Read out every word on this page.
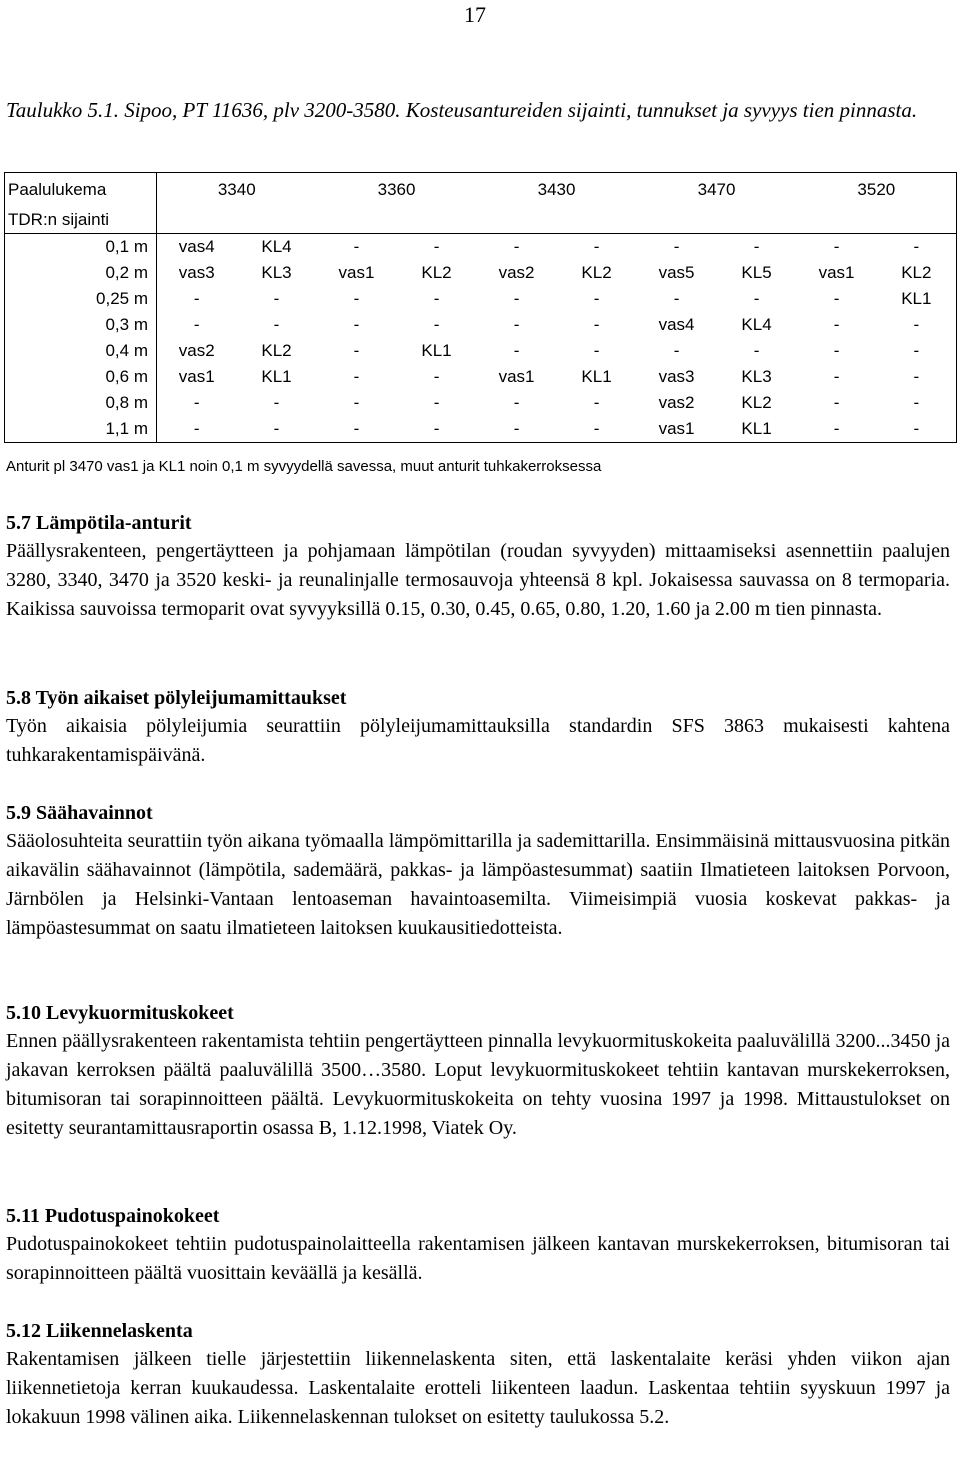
17
Taulukko 5.1. Sipoo, PT 11636, plv 3200-3580. Kosteusantureiden sijainti, tunnukset ja syvyys tien pinnasta.
Paalulukema	3340		3360		3430		3470		3520	
TDR:n sijainti										
0,1 m	vas4	KL4	-	-	-	-	-	-	-	-
0,2 m	vas3	KL3	vas1	KL2	vas2	KL2	vas5	KL5	vas1	KL2
0,25 m	-	-	-	-	-	-	-	-	-	KL1
0,3 m	-	-	-	-	-	-	vas4	KL4	-	-
0,4 m	vas2	KL2	-	KL1	-	-	-	-	-	-
0,6 m	vas1	KL1	-	-	vas1	KL1	vas3	KL3	-	-
0,8 m	-	-	-	-	-	-	vas2	KL2	-	-
1,1 m	-	-	-	-	-	-	vas1	KL1	-	-
Anturit pl 3470 vas1 ja KL1 noin 0,1 m syvyydellä savessa, muut anturit tuhkakerroksessa
5.7 Lämpötila-anturit

Päällysrakenteen, pengertäytteen ja pohjamaan lämpötilan (roudan syvyyden) mittaamiseksi asennettiin paalujen 3280, 3340, 3470 ja 3520 keski- ja reunalinjalle termosauvoja yhteensä 8 kpl. Jokaisessa sauvassa on 8 termoparia. Kaikissa sauvoissa termoparit ovat syvyyksillä 0.15, 0.30, 0.45, 0.65, 0.80, 1.20, 1.60 ja 2.00 m tien pinnasta.

5.8 Työn aikaiset pölyleijumamittaukset

Työn aikaisia pölyleijumia seurattiin pölyleijumamittauksilla standardin SFS 3863 mukaisesti kahtena tuhkarakentamispäivänä.

5.9 Säähavainnot

Sääolosuhteita seurattiin työn aikana työmaalla lämpömittarilla ja sademittarilla. Ensimmäisinä mittausvuosina pitkän aikavälin säähavainnot (lämpötila, sademäärä, pakkas- ja lämpöastesummat) saatiin Ilmatieteen laitoksen Porvoon, Järnbölen ja Helsinki-Vantaan lentoaseman havaintoasemilta. Viimeisimpiä vuosia koskevat pakkas- ja lämpöastesummat on saatu ilmatieteen laitoksen kuukausitiedotteista.

5.10 Levykuormituskokeet

Ennen päällysrakenteen rakentamista tehtiin pengertäytteen pinnalla levykuormituskokeita paaluvälillä 3200...3450 ja jakavan kerroksen päältä paaluvälillä 3500…3580. Loput levykuormituskokeet tehtiin kantavan murskekerroksen, bitumisoran tai sorapinnoitteen päältä. Levykuormituskokeita on tehty vuosina 1997 ja 1998. Mittaustulokset on esitetty seurantamittausraportin osassa B, 1.12.1998, Viatek Oy.

5.11 Pudotuspainokokeet

Pudotuspainokokeet tehtiin pudotuspainolaitteella rakentamisen jälkeen kantavan murskekerroksen, bitumisoran tai sorapinnoitteen päältä vuosittain keväällä ja kesällä.

5.12 Liikennelaskenta

Rakentamisen jälkeen tielle järjestettiin liikennelaskenta siten, että laskentalaite keräsi yhden viikon ajan liikennetietoja kerran kuukaudessa. Laskentalaite erotteli liikenteen laadun. Laskentaa tehtiin syyskuun 1997 ja lokakuun 1998 välinen aika. Liikennelaskennan tulokset on esitetty taulukossa 5.2.
